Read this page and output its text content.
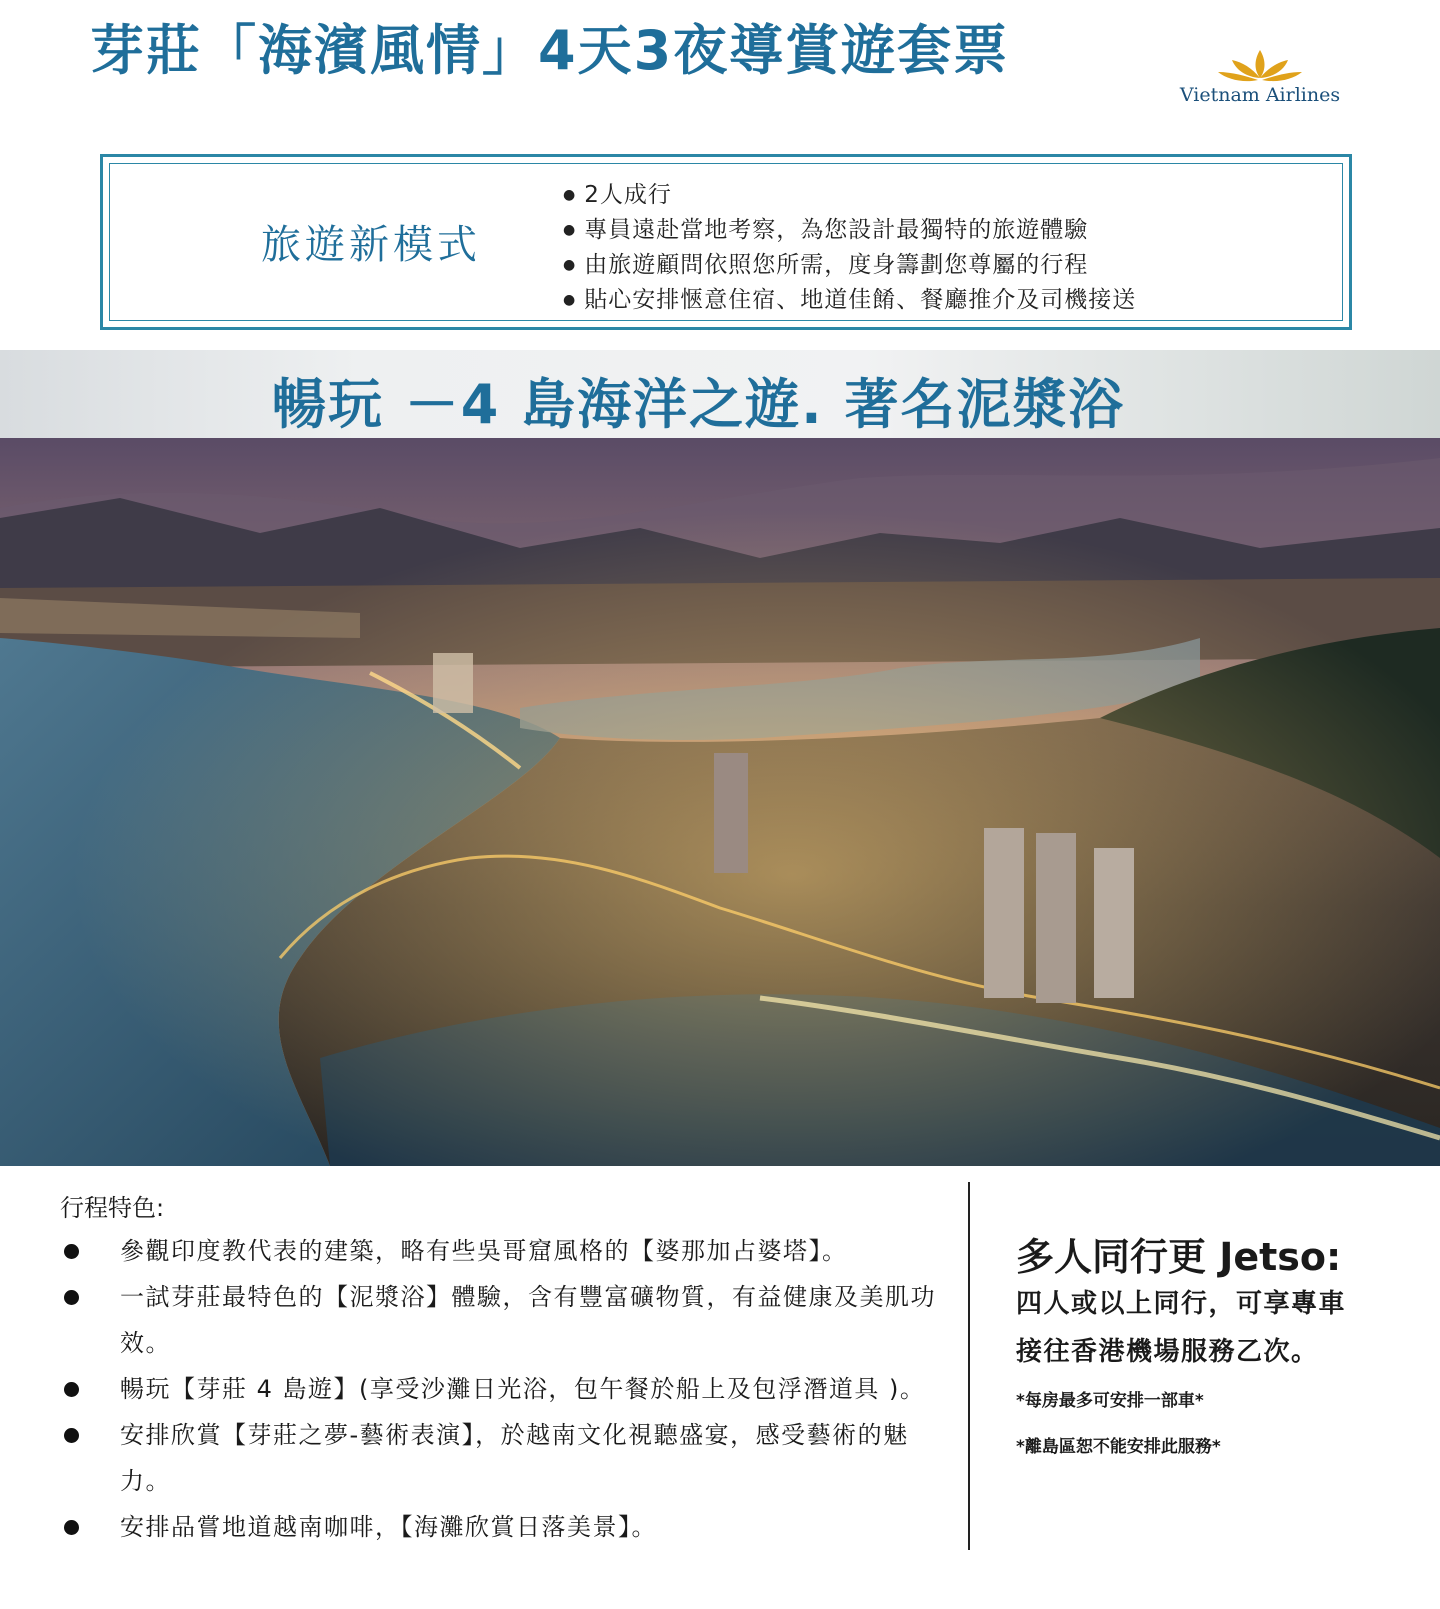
芽莊「海濱風情」4天3夜導賞遊套票
Vietnam Airlines
旅遊新模式
● 2人成行
● 專員遠赴當地考察，為您設計最獨特的旅遊體驗
● 由旅遊顧問依照您所需，度身籌劃您尊屬的行程
● 貼心安排愜意住宿、地道佳餚、餐廳推介及司機接送
暢玩 －4 島海洋之遊. 著名泥漿浴
行程特色:
參觀印度教代表的建築，略有些吳哥窟風格的【婆那加占婆塔】。
一試芽莊最特色的【泥漿浴】體驗，含有豐富礦物質，有益健康及美肌功效。
暢玩【芽莊 4 島遊】(享受沙灘日光浴，包午餐於船上及包浮潛道具 )。
安排欣賞【芽莊之夢-藝術表演】，於越南文化視聽盛宴，感受藝術的魅力。
安排品嘗地道越南咖啡，【海灘欣賞日落美景】。
多人同行更 Jetso:
四人或以上同行，可享專車接往香港機場服務乙次。
*每房最多可安排一部車*
*離島區恕不能安排此服務*
